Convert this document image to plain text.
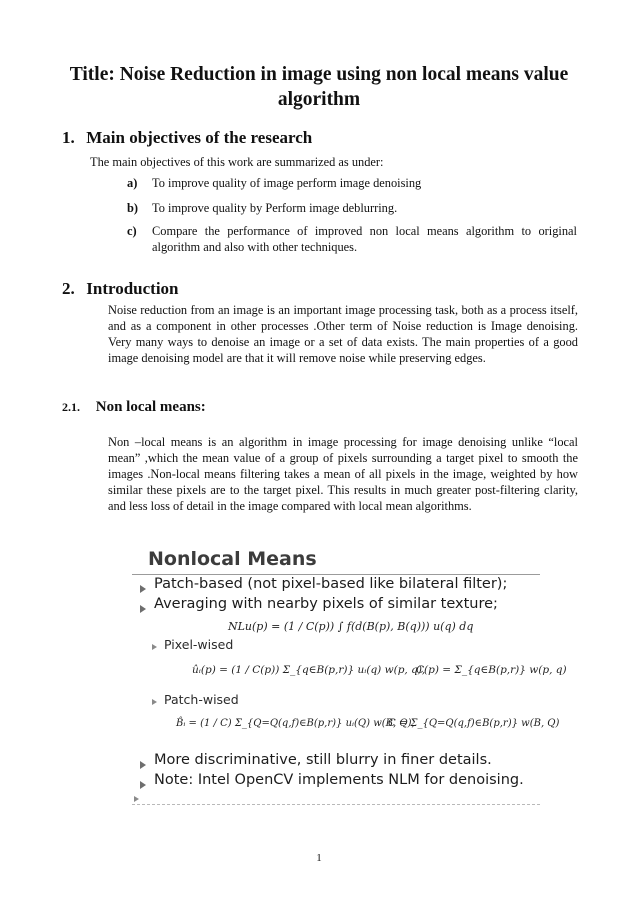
Title: Noise Reduction in image using non local means value algorithm
1. Main objectives of the research
The main objectives of this work are summarized as under:
a) To improve quality of image perform image denoising
b) To improve quality by Perform image deblurring.
c) Compare the performance of improved non local means algorithm to original algorithm and also with other techniques.
2. Introduction
Noise reduction from an image is an important image processing task, both as a process itself, and as a component in other processes .Other term of Noise reduction is Image denoising. Very many ways to denoise an image or a set of data exists. The main properties of a good image denoising model are that it will remove noise while preserving edges.
2.1. Non local means:
Non –local means is an algorithm in image processing for image denoising unlike “local mean” ,which the mean value of a group of pixels surrounding a target pixel to smooth the images .Non-local means filtering takes a mean of all pixels in the image, weighted by how similar these pixels are to the target pixel. This results in much greater post-filtering clarity, and less loss of detail in the image compared with local mean algorithms.
Nonlocal Means
Patch-based (not pixel-based like bilateral filter);
Averaging with nearby pixels of similar texture;
NLu(p) = (1 / C(p)) ∫ f(d(B(p), B(q))) u(q) dq
Pixel-wised
ûᵢ(p) = (1 / C(p)) Σ_{q∈B(p,r)} uᵢ(q) w(p, q),
C(p) = Σ_{q∈B(p,r)} w(p, q)
Patch-wised
B̂ᵢ = (1 / C) Σ_{Q=Q(q,f)∈B(p,r)} uᵢ(Q) w(B, Q),
C = Σ_{Q=Q(q,f)∈B(p,r)} w(B, Q)
More discriminative, still blurry in finer details.
Note: Intel OpenCV implements NLM for denoising.
1
